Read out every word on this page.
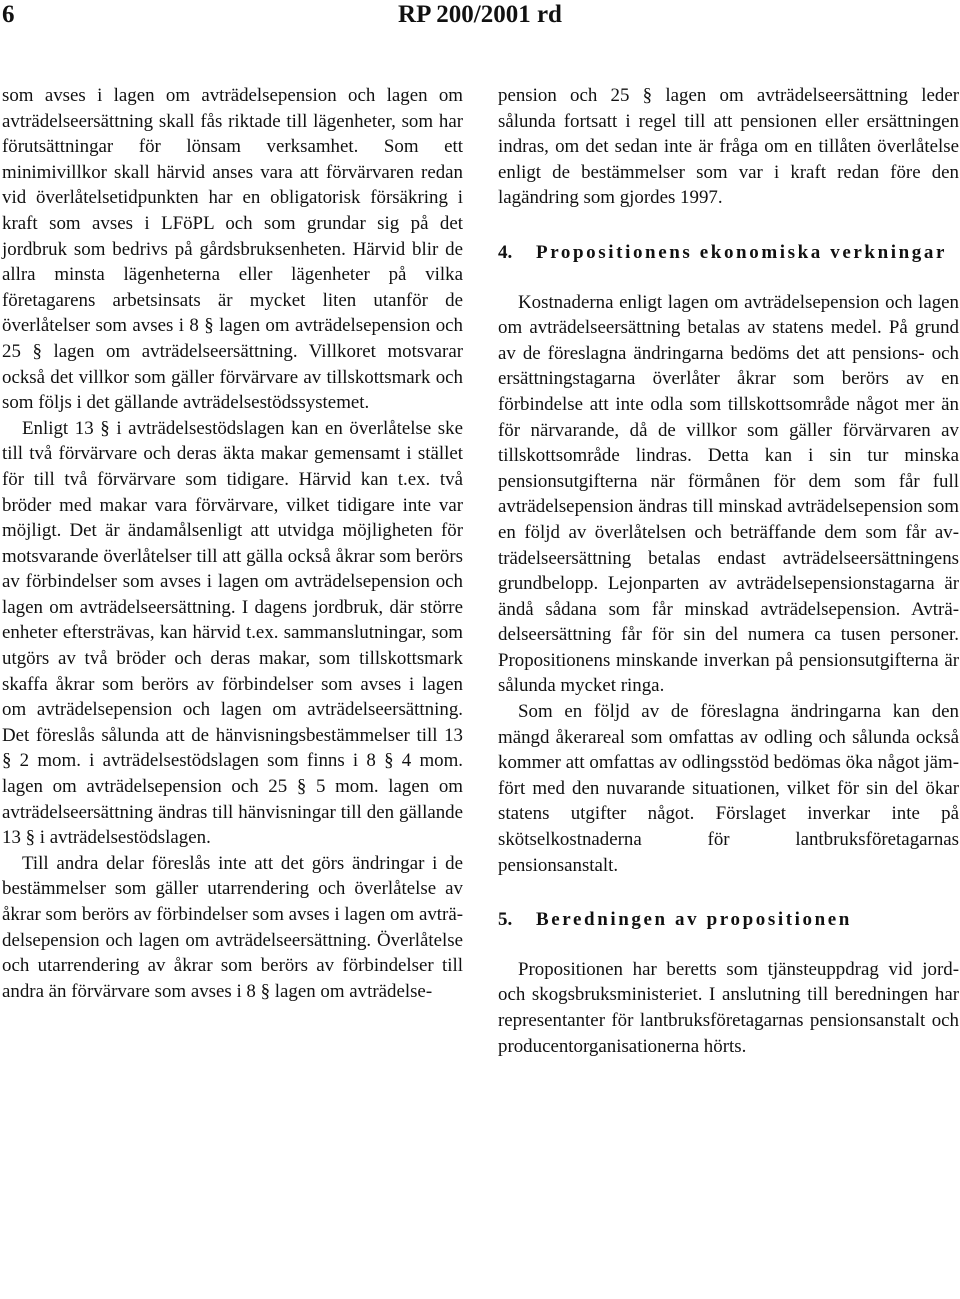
6	RP 200/2001 rd

som avses i lagen om avträdelsepension och lagen om avträdelseersättning skall fås riktade till lägenheter, som har förutsättningar för lönsam verksamhet. Som ett minimivillkor skall härvid anses vara att förvärvaren redan vid överlåtelsetidpunkten har en obligatorisk försäkring i kraft som avses i LFöPL och som grundar sig på det jordbruk som bedrivs på gårdsbruksenheten. Härvid blir de allra minsta lägenheterna eller lägenheter på vilka företagarens arbetsinsats är mycket liten utanför de överlåtelser som avses i 8 § lagen om avträdelsepension och 25 § lagen om avträdelseersättning. Villkoret motsvarar också det villkor som gäller förvärvare av tillskottsmark och som följs i det gällande avträdelsestödssystemet.

Enligt 13 § i avträdelsestödslagen kan en överlåtelse ske till två förvärvare och deras äkta makar gemensamt i stället för till två förvärvare som tidigare. Härvid kan t.ex. två bröder med makar vara förvärvare, vilket tidigare inte var möjligt. Det är ändamålsenligt att utvidga möjligheten för motsvarande överlåtelser till att gälla också åkrar som berörs av förbindelser som avses i lagen om avträdelsepension och lagen om avträdelseersättning. I dagens jordbruk, där större enheter eftersträvas, kan härvid t.ex. sammanslutningar, som utgörs av två bröder och deras makar, som tillskottsmark skaffa åkrar som berörs av förbindelser som avses i lagen om avträdelsepension och lagen om avträdelseersättning. Det föreslås sålunda att de hänvisningsbestämmelser till 13 § 2 mom. i avträdelsestödslagen som finns i 8 § 4 mom. lagen om avträdelsepension och 25 § 5 mom. lagen om avträdelseersättning ändras till hänvisningar till den gällande 13 § i avträdelsestödslagen.

Till andra delar föreslås inte att det görs ändringar i de bestämmelser som gäller utarrendering och överlåtelse av åkrar som berörs av förbindelser som avses i lagen om avträdelsepension och lagen om avträdelseersättning. Överlåtelse och utarrendering av åkrar som berörs av förbindelser till andra än förvärvare som avses i 8 § lagen om avträdelse-

pension och 25 § lagen om avträdelseersättning leder sålunda fortsatt i regel till att pensionen eller ersättningen indras, om det sedan inte är fråga om en tillåten överlåtelse enligt de bestämmelser som var i kraft redan före den lagändring som gjordes 1997.

4.	Propositionens ekonomiska verkningar

Kostnaderna enligt lagen om avträdelsepension och lagen om avträdelseersättning betalas av statens medel. På grund av de föreslagna ändringarna bedöms det att pensions- och ersättningstagarna överlåter åkrar som berörs av en förbindelse att inte odla som tillskottsområde något mer än för närvarande, då de villkor som gäller förvärvaren av tillskottsområde lindras. Detta kan i sin tur minska pensionsutgifterna när förmånen för dem som får full avträdelsepension ändras till minskad avträdelsepension som en följd av överlåtelsen och beträffande dem som får avträdelseersättning betalas endast avträdelseersättningens grundbelopp. Lejonparten av avträdelsepensionstagarna är ändå sådana som får minskad avträdelsepension. Avträdelseersättning får för sin del numera ca tusen personer. Propositionens minskande inverkan på pensionsutgifterna är sålunda mycket ringa.

Som en följd av de föreslagna ändringarna kan den mängd åkerareal som omfattas av odling och sålunda också kommer att omfattas av odlingsstöd bedömas öka något jämfört med den nuvarande situationen, vilket för sin del ökar statens utgifter något. Förslaget inverkar inte på skötselkostnaderna för lantbruksföretagarnas pensionsanstalt.

5.	Beredningen av propositionen

Propositionen har beretts som tjänsteuppdrag vid jord- och skogsbruksministeriet. I anslutning till beredningen har representanter för lantbruksföretagarnas pensionsanstalt och producentorganisationerna hörts.
